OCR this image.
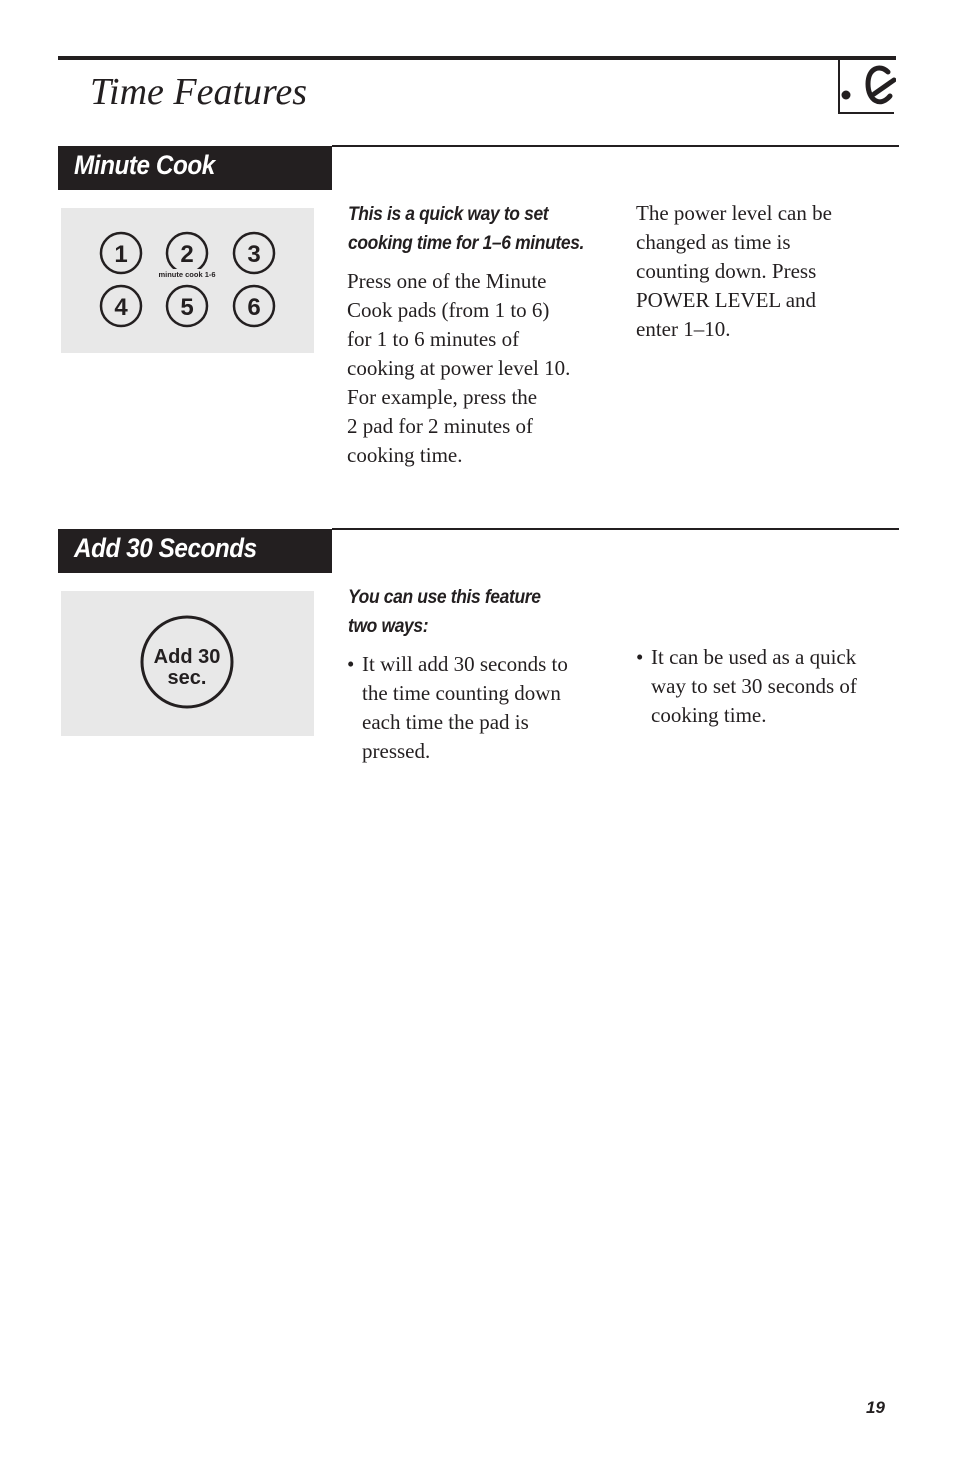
Time Features
Minute Cook
1 2 3
4 5 6
minute cook 1-6
This is a quick way to set cooking time for 1–6 minutes.
Press one of the Minute
Cook pads (from 1 to 6)
for 1 to 6 minutes of
cooking at power level 10.
For example, press the
2 pad for 2 minutes of
cooking time.
The power level can be
changed as time is
counting down. Press
POWER LEVEL and
enter 1–10.
Add 30 Seconds
Add 30
sec.
You can use this feature two ways:
• It will add 30 seconds to
the time counting down
each time the pad is
pressed.
• It can be used as a quick
way to set 30 seconds of
cooking time.
19
